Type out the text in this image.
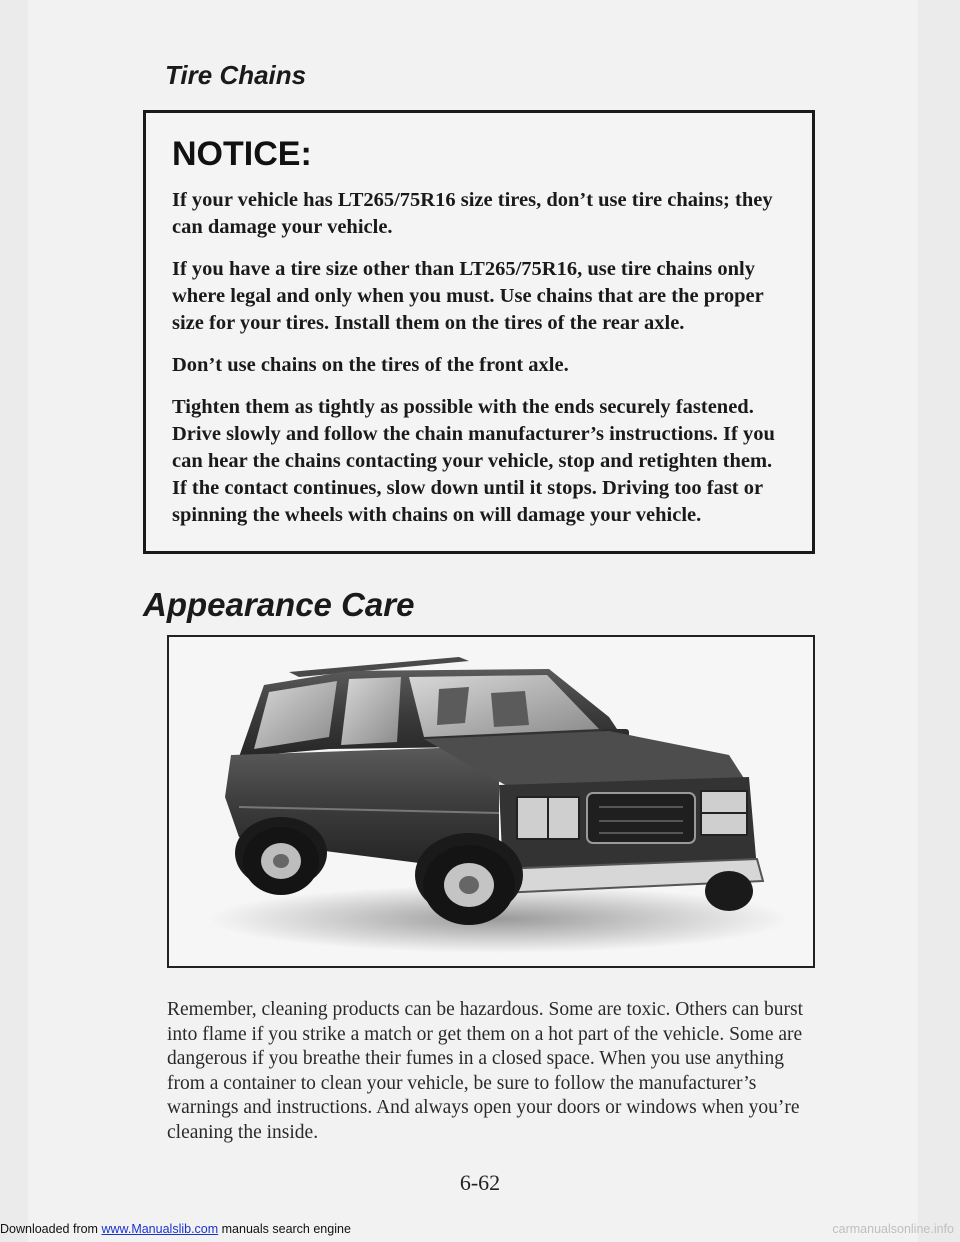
Tire Chains
NOTICE:

If your vehicle has LT265/75R16 size tires, don’t use tire chains; they can damage your vehicle.

If you have a tire size other than LT265/75R16, use tire chains only where legal and only when you must. Use chains that are the proper size for your tires. Install them on the tires of the rear axle.

Don’t use chains on the tires of the front axle.

Tighten them as tightly as possible with the ends securely fastened. Drive slowly and follow the chain manufacturer’s instructions. If you can hear the chains contacting your vehicle, stop and retighten them. If the contact continues, slow down until it stops. Driving too fast or spinning the wheels with chains on will damage your vehicle.

Appearance Care

Remember, cleaning products can be hazardous. Some are toxic. Others can burst into flame if you strike a match or get them on a hot part of the vehicle. Some are dangerous if you breathe their fumes in a closed space. When you use anything from a container to clean your vehicle, be sure to follow the manufacturer’s warnings and instructions. And always open your doors or windows when you’re cleaning the inside.

6-62
Downloaded from www.Manualslib.com manuals search engine	carmanualsonline.info
